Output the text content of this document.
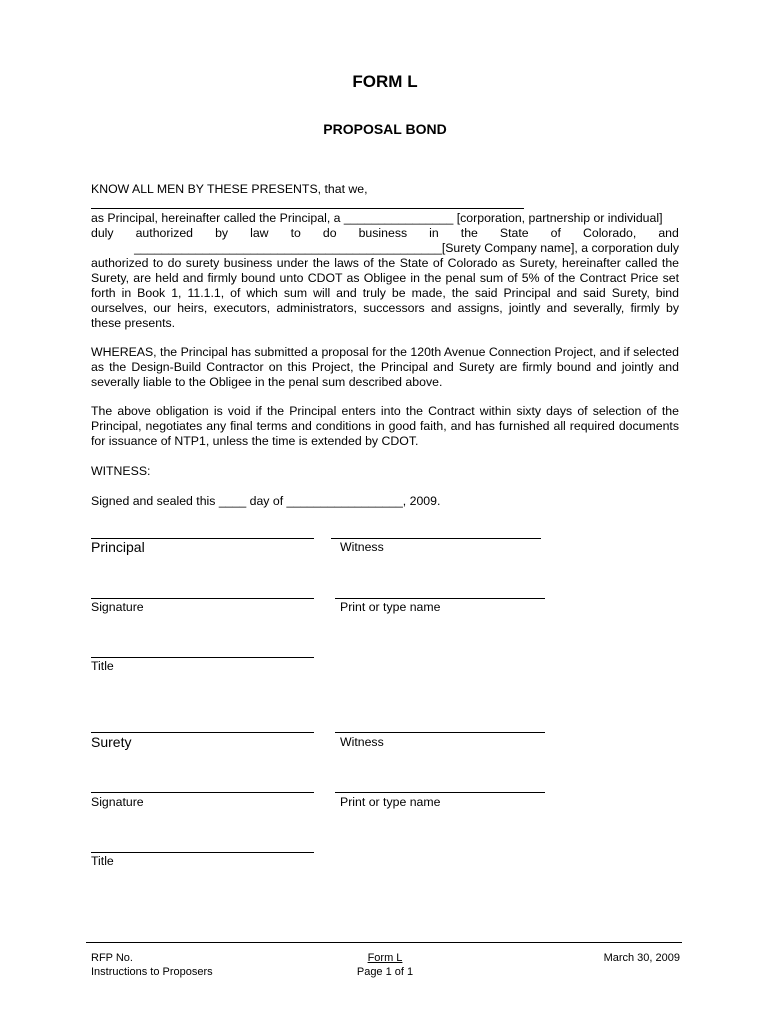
FORM L
PROPOSAL BOND
KNOW ALL MEN BY THESE PRESENTS, that we,
as Principal, hereinafter called the Principal, a ________________ [corporation, partnership or individual]
duly authorized by law to do business in the State of Colorado, and
_____________________________________________[Surety Company name], a corporation duly
authorized to do surety business under the laws of the State of Colorado as Surety, hereinafter called the Surety, are held and firmly bound unto CDOT as Obligee in the penal sum of 5% of the Contract Price set forth in Book 1, 11.1.1, of which sum will and truly be made, the said Principal and said Surety, bind ourselves, our heirs, executors, administrators, successors and assigns, jointly and severally, firmly by these presents.
WHEREAS, the Principal has submitted a proposal for the 120th Avenue Connection Project, and if selected as the Design-Build Contractor on this Project, the Principal and Surety are firmly bound and jointly and severally liable to the Obligee in the penal sum described above.
The above obligation is void if the Principal enters into the Contract within sixty days of selection of the Principal, negotiates any final terms and conditions in good faith, and has furnished all required documents for issuance of NTP1, unless the time is extended by CDOT.
WITNESS:
Signed and sealed this ____ day of _________________, 2009.
Principal	Witness
Signature	Print or type name
Title
Surety	Witness
Signature	Print or type name
Title
RFP No.
Instructions to Proposers
Form L
Page 1 of 1
March 30, 2009
